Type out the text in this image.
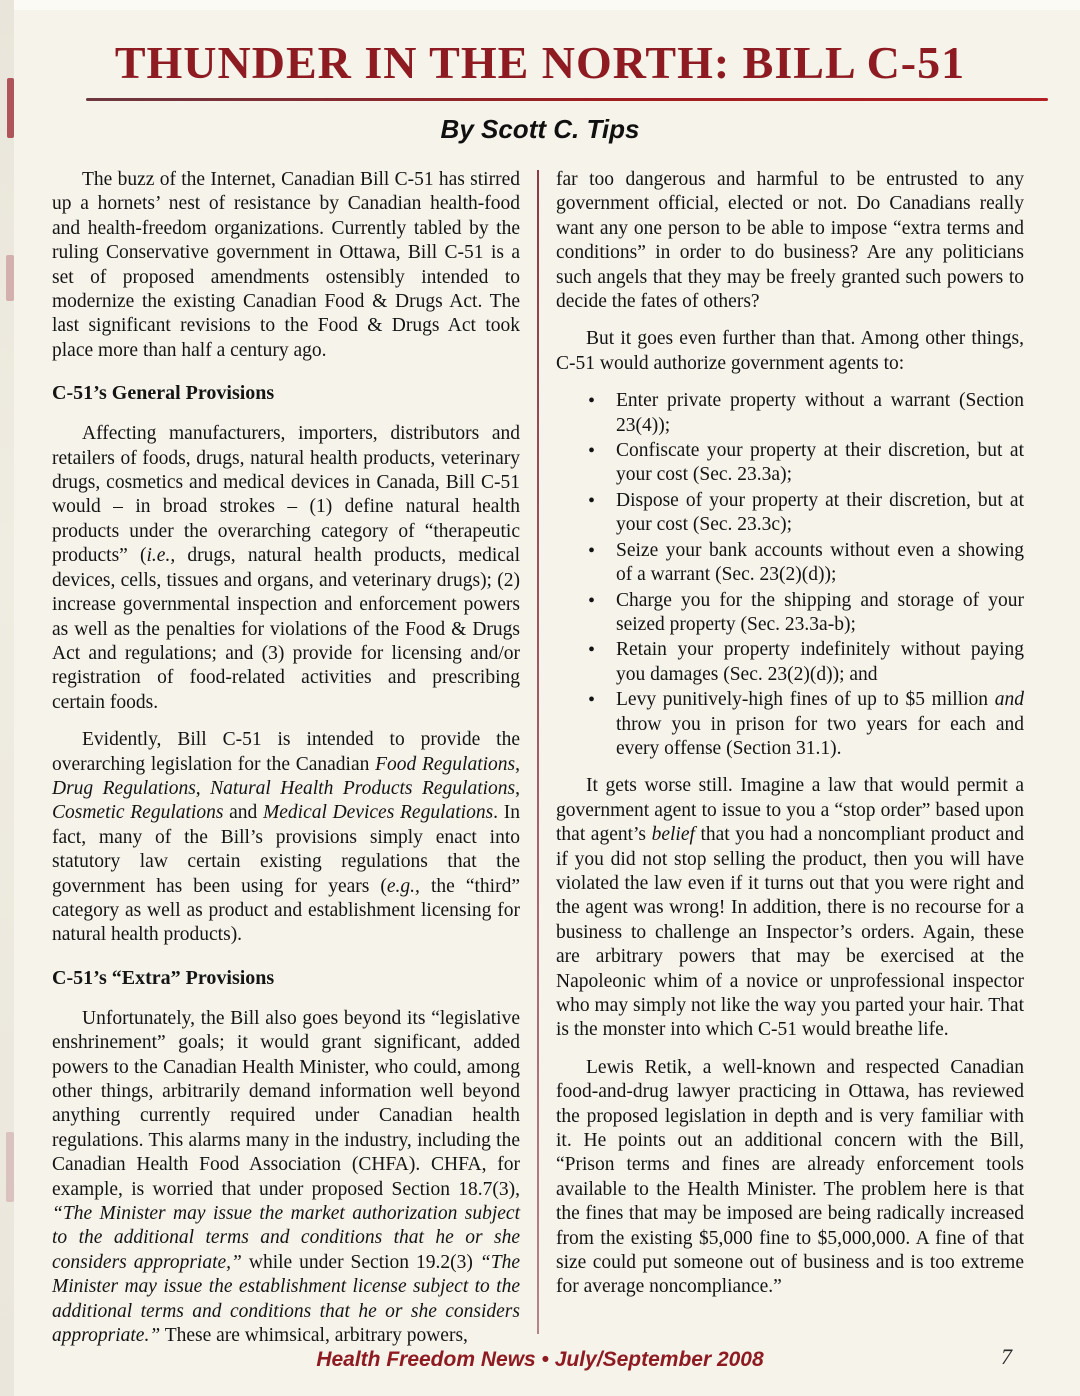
THUNDER IN THE NORTH: BILL C-51
By Scott C. Tips

The buzz of the Internet, Canadian Bill C-51 has stirred up a hornets’ nest of resistance by Canadian health-food and health-freedom organizations. Currently tabled by the ruling Conservative government in Ottawa, Bill C-51 is a set of proposed amendments ostensibly intended to modernize the existing Canadian Food & Drugs Act. The last significant revisions to the Food & Drugs Act took place more than half a century ago.

C-51’s General Provisions

Affecting manufacturers, importers, distributors and retailers of foods, drugs, natural health products, veterinary drugs, cosmetics and medical devices in Canada, Bill C-51 would – in broad strokes – (1) define natural health products under the overarching category of “therapeutic products” (i.e., drugs, natural health products, medical devices, cells, tissues and organs, and veterinary drugs); (2) increase governmental inspection and enforcement powers as well as the penalties for violations of the Food & Drugs Act and regulations; and (3) provide for licensing and/or registration of food-related activities and prescribing certain foods.

Evidently, Bill C-51 is intended to provide the overarching legislation for the Canadian Food Regulations, Drug Regulations, Natural Health Products Regulations, Cosmetic Regulations and Medical Devices Regulations. In fact, many of the Bill’s provisions simply enact into statutory law certain existing regulations that the government has been using for years (e.g., the “third” category as well as product and establishment licensing for natural health products).

C-51’s “Extra” Provisions

Unfortunately, the Bill also goes beyond its “legislative enshrinement” goals; it would grant significant, added powers to the Canadian Health Minister, who could, among other things, arbitrarily demand information well beyond anything currently required under Canadian health regulations. This alarms many in the industry, including the Canadian Health Food Association (CHFA). CHFA, for example, is worried that under proposed Section 18.7(3), “The Minister may issue the market authorization subject to the additional terms and conditions that he or she considers appropriate,” while under Section 19.2(3) “The Minister may issue the establishment license subject to the additional terms and conditions that he or she considers appropriate.” These are whimsical, arbitrary powers,

far too dangerous and harmful to be entrusted to any government official, elected or not. Do Canadians really want any one person to be able to impose “extra terms and conditions” in order to do business? Are any politicians such angels that they may be freely granted such powers to decide the fates of others?

But it goes even further than that. Among other things, C-51 would authorize government agents to:

• Enter private property without a warrant (Section 23(4));
• Confiscate your property at their discretion, but at your cost (Sec. 23.3a);
• Dispose of your property at their discretion, but at your cost (Sec. 23.3c);
• Seize your bank accounts without even a showing of a warrant (Sec. 23(2)(d));
• Charge you for the shipping and storage of your seized property (Sec. 23.3a-b);
• Retain your property indefinitely without paying you damages (Sec. 23(2)(d)); and
• Levy punitively-high fines of up to $5 million and throw you in prison for two years for each and every offense (Section 31.1).

It gets worse still. Imagine a law that would permit a government agent to issue to you a “stop order” based upon that agent’s belief that you had a noncompliant product and if you did not stop selling the product, then you will have violated the law even if it turns out that you were right and the agent was wrong! In addition, there is no recourse for a business to challenge an Inspector’s orders. Again, these are arbitrary powers that may be exercised at the Napoleonic whim of a novice or unprofessional inspector who may simply not like the way you parted your hair. That is the monster into which C-51 would breathe life.

Lewis Retik, a well-known and respected Canadian food-and-drug lawyer practicing in Ottawa, has reviewed the proposed legislation in depth and is very familiar with it. He points out an additional concern with the Bill, “Prison terms and fines are already enforcement tools available to the Health Minister. The problem here is that the fines that may be imposed are being radically increased from the existing $5,000 fine to $5,000,000. A fine of that size could put someone out of business and is too extreme for average noncompliance.”

Health Freedom News • July/September 2008	7
